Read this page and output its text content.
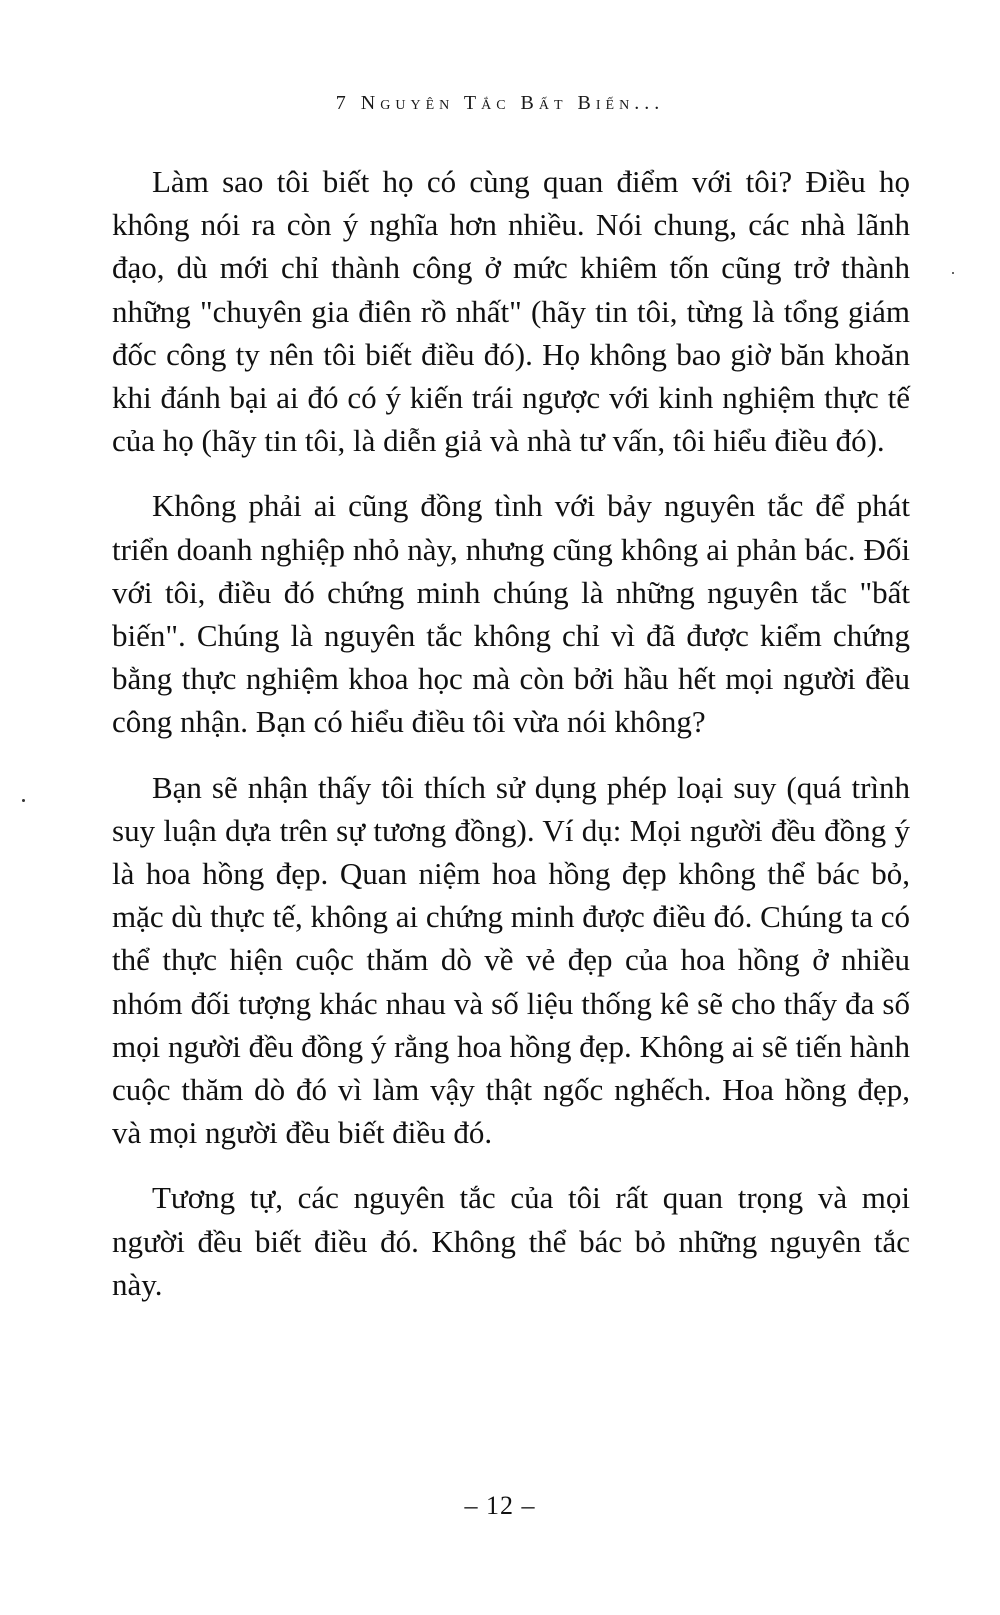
7 Nguyên Tắc Bất Biến...

Làm sao tôi biết họ có cùng quan điểm với tôi? Điều họ không nói ra còn ý nghĩa hơn nhiều. Nói chung, các nhà lãnh đạo, dù mới chỉ thành công ở mức khiêm tốn cũng trở thành những "chuyên gia điên rồ nhất" (hãy tin tôi, từng là tổng giám đốc công ty nên tôi biết điều đó). Họ không bao giờ băn khoăn khi đánh bại ai đó có ý kiến trái ngược với kinh nghiệm thực tế của họ (hãy tin tôi, là diễn giả và nhà tư vấn, tôi hiểu điều đó).

Không phải ai cũng đồng tình với bảy nguyên tắc để phát triển doanh nghiệp nhỏ này, nhưng cũng không ai phản bác. Đối với tôi, điều đó chứng minh chúng là những nguyên tắc "bất biến". Chúng là nguyên tắc không chỉ vì đã được kiểm chứng bằng thực nghiệm khoa học mà còn bởi hầu hết mọi người đều công nhận. Bạn có hiểu điều tôi vừa nói không?

Bạn sẽ nhận thấy tôi thích sử dụng phép loại suy (quá trình suy luận dựa trên sự tương đồng). Ví dụ: Mọi người đều đồng ý là hoa hồng đẹp. Quan niệm hoa hồng đẹp không thể bác bỏ, mặc dù thực tế, không ai chứng minh được điều đó. Chúng ta có thể thực hiện cuộc thăm dò về vẻ đẹp của hoa hồng ở nhiều nhóm đối tượng khác nhau và số liệu thống kê sẽ cho thấy đa số mọi người đều đồng ý rằng hoa hồng đẹp. Không ai sẽ tiến hành cuộc thăm dò đó vì làm vậy thật ngốc nghếch. Hoa hồng đẹp, và mọi người đều biết điều đó.

Tương tự, các nguyên tắc của tôi rất quan trọng và mọi người đều biết điều đó. Không thể bác bỏ những nguyên tắc này.

– 12 –
